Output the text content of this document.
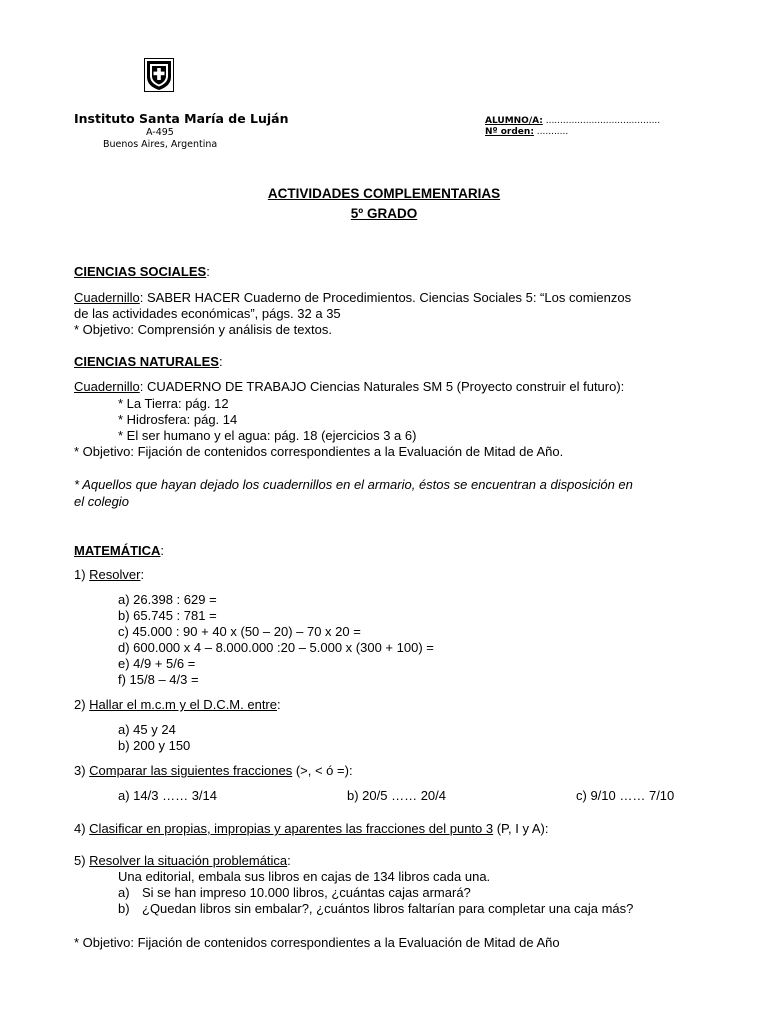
Instituto Santa María de Luján
A-495
Buenos Aires, Argentina
ALUMNO/A: ........................................
Nº orden: ...........
ACTIVIDADES COMPLEMENTARIAS
5º GRADO
CIENCIAS SOCIALES:
Cuadernillo: SABER HACER Cuaderno de Procedimientos. Ciencias Sociales 5: “Los comienzos
de las actividades económicas”, págs. 32 a 35
* Objetivo: Comprensión y análisis de textos.
CIENCIAS NATURALES:
Cuadernillo: CUADERNO DE TRABAJO Ciencias Naturales SM 5 (Proyecto construir el futuro):
* La Tierra: pág. 12
* Hidrosfera: pág. 14
* El ser humano y el agua: pág. 18 (ejercicios 3 a 6)
* Objetivo: Fijación de contenidos correspondientes a la Evaluación de Mitad de Año.
* Aquellos que hayan dejado los cuadernillos en el armario, éstos se encuentran a disposición en
el colegio
MATEMÁTICA:
1) Resolver:
a) 26.398 : 629 =
b) 65.745 : 781 =
c) 45.000 : 90 + 40 x (50 – 20) – 70 x 20 =
d) 600.000 x 4 – 8.000.000 :20 – 5.000 x (300 + 100) =
e) 4/9 + 5/6 =
f) 15/8 – 4/3 =
2) Hallar el m.c.m y el D.C.M. entre:
a) 45 y 24
b) 200 y 150
3) Comparar las siguientes fracciones (>, < ó =):
a) 14/3 …… 3/14	b) 20/5 …… 20/4	c) 9/10 …… 7/10
4) Clasificar en propias, impropias y aparentes las fracciones del punto 3 (P, I y A):
5) Resolver la situación problemática:
Una editorial, embala sus libros en cajas de 134 libros cada una.
a) Si se han impreso 10.000 libros, ¿cuántas cajas armará?
b) ¿Quedan libros sin embalar?, ¿cuántos libros faltarían para completar una caja más?
* Objetivo: Fijación de contenidos correspondientes a la Evaluación de Mitad de Año
